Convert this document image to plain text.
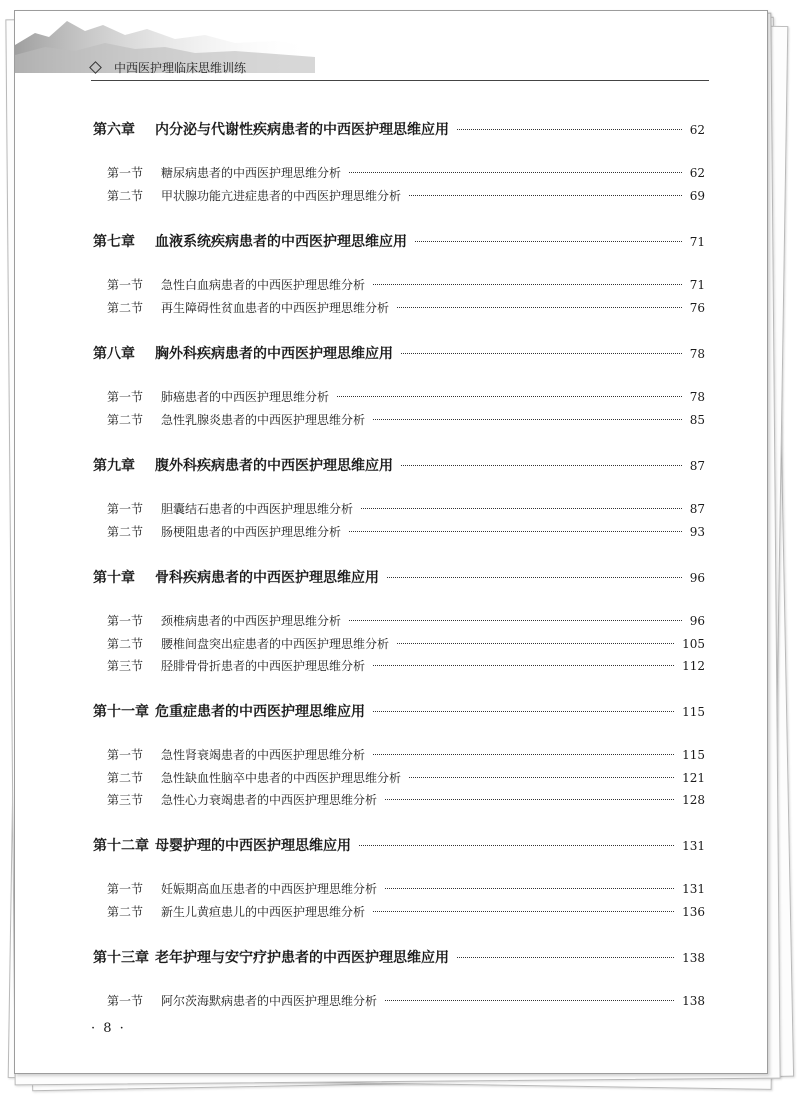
中西医护理临床思维训练
第六章 内分泌与代谢性疾病患者的中西医护理思维应用	62
第一节 糖尿病患者的中西医护理思维分析	62
第二节 甲状腺功能亢进症患者的中西医护理思维分析	69
第七章 血液系统疾病患者的中西医护理思维应用	71
第一节 急性白血病患者的中西医护理思维分析	71
第二节 再生障碍性贫血患者的中西医护理思维分析	76
第八章 胸外科疾病患者的中西医护理思维应用	78
第一节 肺癌患者的中西医护理思维分析	78
第二节 急性乳腺炎患者的中西医护理思维分析	85
第九章 腹外科疾病患者的中西医护理思维应用	87
第一节 胆囊结石患者的中西医护理思维分析	87
第二节 肠梗阻患者的中西医护理思维分析	93
第十章 骨科疾病患者的中西医护理思维应用	96
第一节 颈椎病患者的中西医护理思维分析	96
第二节 腰椎间盘突出症患者的中西医护理思维分析	105
第三节 胫腓骨骨折患者的中西医护理思维分析	112
第十一章 危重症患者的中西医护理思维应用	115
第一节 急性肾衰竭患者的中西医护理思维分析	115
第二节 急性缺血性脑卒中患者的中西医护理思维分析	121
第三节 急性心力衰竭患者的中西医护理思维分析	128
第十二章 母婴护理的中西医护理思维应用	131
第一节 妊娠期高血压患者的中西医护理思维分析	131
第二节 新生儿黄疸患儿的中西医护理思维分析	136
第十三章 老年护理与安宁疗护患者的中西医护理思维应用	138
第一节 阿尔茨海默病患者的中西医护理思维分析	138
· 8 ·
